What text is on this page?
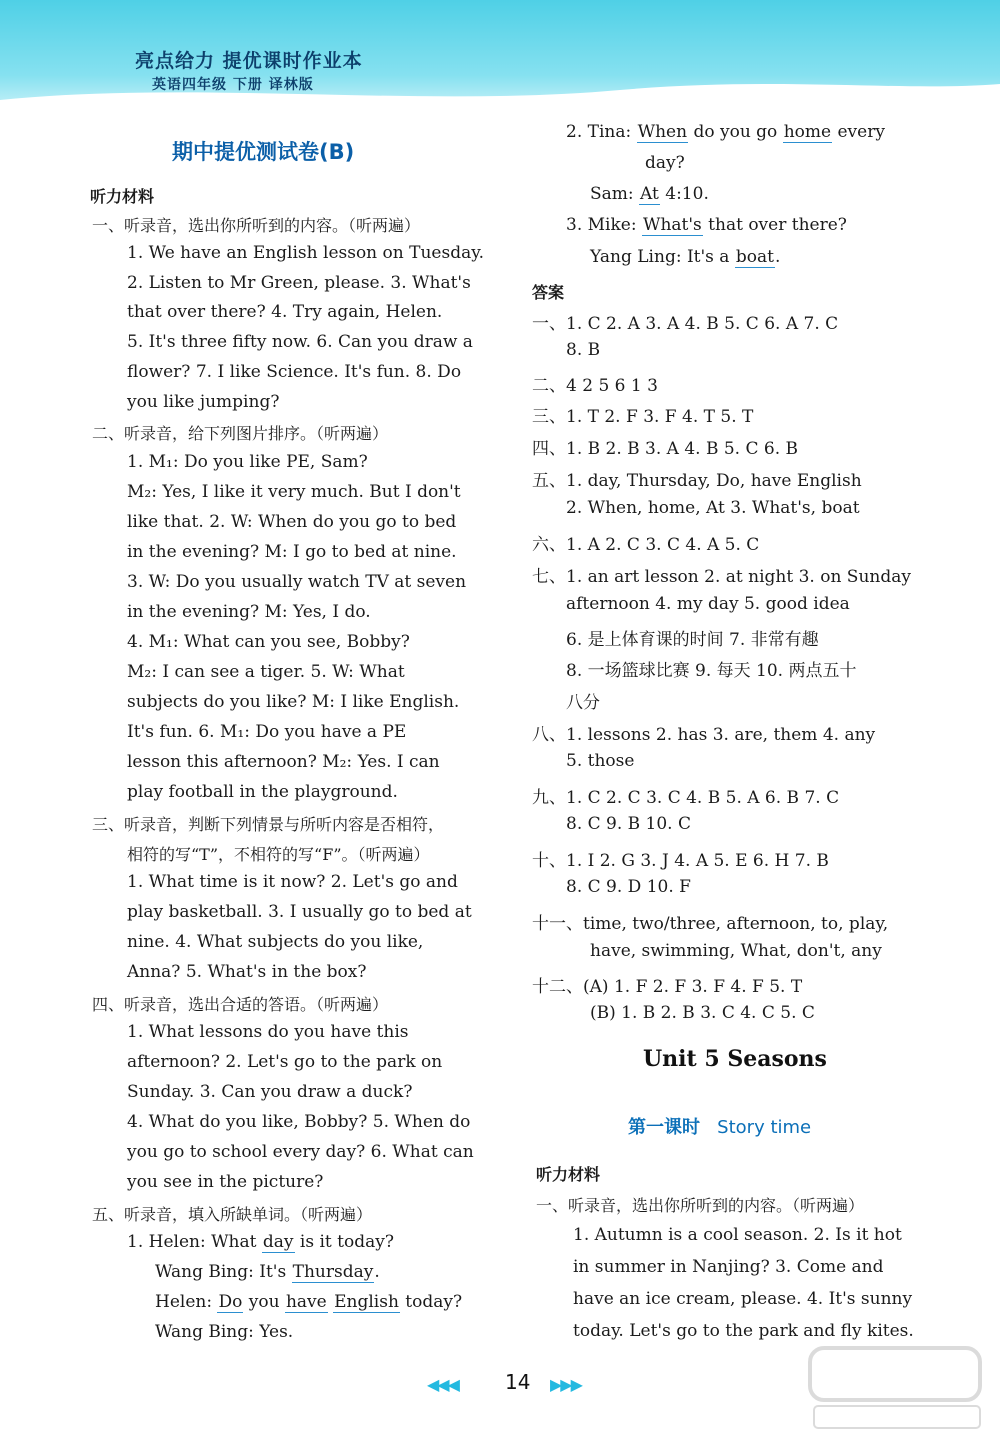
亮点给力 提优课时作业本
英语四年级 下册 译林版
期中提优测试卷(B)
听力材料
一、听录音，选出你所听到的内容。（听两遍）
1. We have an English lesson on Tuesday.
2. Listen to Mr Green, please. 3. What's
that over there? 4. Try again, Helen.
5. It's three fifty now. 6. Can you draw a
flower? 7. I like Science. It's fun. 8. Do
you like jumping?
二、听录音，给下列图片排序。（听两遍）
1. M₁: Do you like PE, Sam?
M₂: Yes, I like it very much. But I don't
like that. 2. W: When do you go to bed
in the evening? M: I go to bed at nine.
3. W: Do you usually watch TV at seven
in the evening? M: Yes, I do.
4. M₁: What can you see, Bobby?
M₂: I can see a tiger. 5. W: What
subjects do you like? M: I like English.
It's fun. 6. M₁: Do you have a PE
lesson this afternoon? M₂: Yes. I can
play football in the playground.
三、听录音，判断下列情景与所听内容是否相符，
相符的写“T”，不相符的写“F”。（听两遍）
1. What time is it now? 2. Let's go and
play basketball. 3. I usually go to bed at
nine. 4. What subjects do you like,
Anna? 5. What's in the box?
四、听录音，选出合适的答语。（听两遍）
1. What lessons do you have this
afternoon? 2. Let's go to the park on
Sunday. 3. Can you draw a duck?
4. What do you like, Bobby? 5. When do
you go to school every day? 6. What can
you see in the picture?
五、听录音，填入所缺单词。（听两遍）
1. Helen: What day is it today?
Wang Bing: It's Thursday.
Helen: Do you have English today?
Wang Bing: Yes.
2. Tina: When do you go home every
day?
Sam: At 4:10.
3. Mike: What's that over there?
Yang Ling: It's a boat.
答案
一、1. C 2. A 3. A 4. B 5. C 6. A 7. C
8. B
二、4 2 5 6 1 3
三、1. T 2. F 3. F 4. T 5. T
四、1. B 2. B 3. A 4. B 5. C 6. B
五、1. day, Thursday, Do, have English
2. When, home, At 3. What's, boat
六、1. A 2. C 3. C 4. A 5. C
七、1. an art lesson 2. at night 3. on Sunday
afternoon 4. my day 5. good idea
6. 是上体育课的时间 7. 非常有趣
8. 一场篮球比赛 9. 每天 10. 两点五十
八分
八、1. lessons 2. has 3. are, them 4. any
5. those
九、1. C 2. C 3. C 4. B 5. A 6. B 7. C
8. C 9. B 10. C
十、1. I 2. G 3. J 4. A 5. E 6. H 7. B
8. C 9. D 10. F
十一、time, two/three, afternoon, to, play,
have, swimming, What, don't, any
十二、(A) 1. F 2. F 3. F 4. F 5. T
(B) 1. B 2. B 3. C 4. C 5. C
Unit 5 Seasons
第一课时 Story time
听力材料
一、听录音，选出你所听到的内容。（听两遍）
1. Autumn is a cool season. 2. Is it hot
in summer in Nanjing? 3. Come and
have an ice cream, please. 4. It's sunny
today. Let's go to the park and fly kites.
◀◀◀ 14 ▶▶▶
